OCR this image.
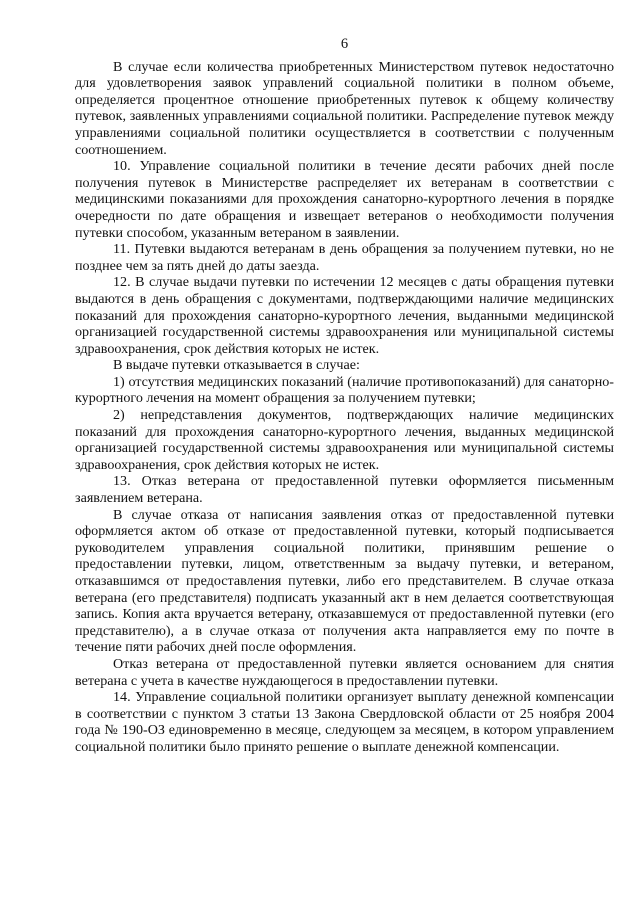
6

В случае если количества приобретенных Министерством путевок недостаточно для удовлетворения заявок управлений социальной политики в полном объеме, определяется процентное отношение приобретенных путевок к общему количеству путевок, заявленных управлениями социальной политики. Распределение путевок между управлениями социальной политики осуществляется в соответствии с полученным соотношением.

10. Управление социальной политики в течение десяти рабочих дней после получения путевок в Министерстве распределяет их ветеранам в соответствии с медицинскими показаниями для прохождения санаторно-курортного лечения в порядке очередности по дате обращения и извещает ветеранов о необходимости получения путевки способом, указанным ветераном в заявлении.

11. Путевки выдаются ветеранам в день обращения за получением путевки, но не позднее чем за пять дней до даты заезда.

12. В случае выдачи путевки по истечении 12 месяцев с даты обращения путевки выдаются в день обращения с документами, подтверждающими наличие медицинских показаний для прохождения санаторно-курортного лечения, выданными медицинской организацией государственной системы здравоохранения или муниципальной системы здравоохранения, срок действия которых не истек.

В выдаче путевки отказывается в случае:

1) отсутствия медицинских показаний (наличие противопоказаний) для санаторно-курортного лечения на момент обращения за получением путевки;

2) непредставления документов, подтверждающих наличие медицинских показаний для прохождения санаторно-курортного лечения, выданных медицинской организацией государственной системы здравоохранения или муниципальной системы здравоохранения, срок действия которых не истек.

13. Отказ ветерана от предоставленной путевки оформляется письменным заявлением ветерана.

В случае отказа от написания заявления отказ от предоставленной путевки оформляется актом об отказе от предоставленной путевки, который подписывается руководителем управления социальной политики, принявшим решение о предоставлении путевки, лицом, ответственным за выдачу путевки, и ветераном, отказавшимся от предоставления путевки, либо его представителем. В случае отказа ветерана (его представителя) подписать указанный акт в нем делается соответствующая запись. Копия акта вручается ветерану, отказавшемуся от предоставленной путевки (его представителю), а в случае отказа от получения акта направляется ему по почте в течение пяти рабочих дней после оформления.

Отказ ветерана от предоставленной путевки является основанием для снятия ветерана с учета в качестве нуждающегося в предоставлении путевки.

14. Управление социальной политики организует выплату денежной компенсации в соответствии с пунктом 3 статьи 13 Закона Свердловской области от 25 ноября 2004 года № 190-ОЗ единовременно в месяце, следующем за месяцем, в котором управлением социальной политики было принято решение о выплате денежной компенсации.
